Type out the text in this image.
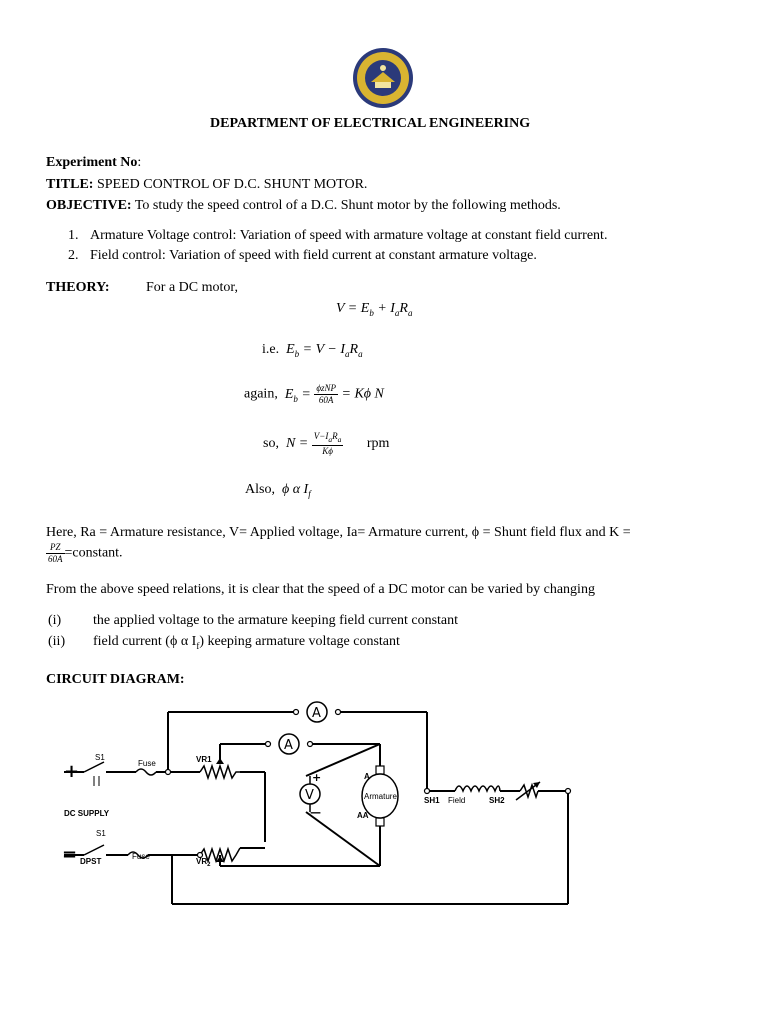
DEPARTMENT OF ELECTRICAL ENGINEERING
Experiment No:
TITLE: SPEED CONTROL OF D.C. SHUNT MOTOR.
OBJECTIVE: To study the speed control of a D.C. Shunt motor by the following methods.
1. Armature Voltage control: Variation of speed with armature voltage at constant field current.
2. Field control: Variation of speed with field current at constant armature voltage.
THEORY:	For a DC motor,
$V = E_b + I_aR_a$
i.e.  $E_b = V - I_aR_a$
again,  $E_b = \frac{\text{ϕzNP}}{60A} = K\phi$ N
so,  $N = \frac{V-I_aR_a}{K\phi}$ rpm
Also,  ϕ α $I_f$
Here, Ra = Armature resistance, V= Applied voltage, Ia= Armature current, ϕ = Shunt field flux and K =
$\frac{PZ}{60A}$ =constant.
From the above speed relations, it is clear that the speed of a DC motor can be varied by changing
(i) the applied voltage to the armature keeping field current constant
(ii) field current (ϕ α $I_f$) keeping armature voltage constant
CIRCUIT DIAGRAM:
+
=
A
A
V
+
—
Armature
A
AA
S1
Fuse	VR1
DC SUPPLY
S1
Fuse
DPST	$VR_2$
SH1 Field	SH2
